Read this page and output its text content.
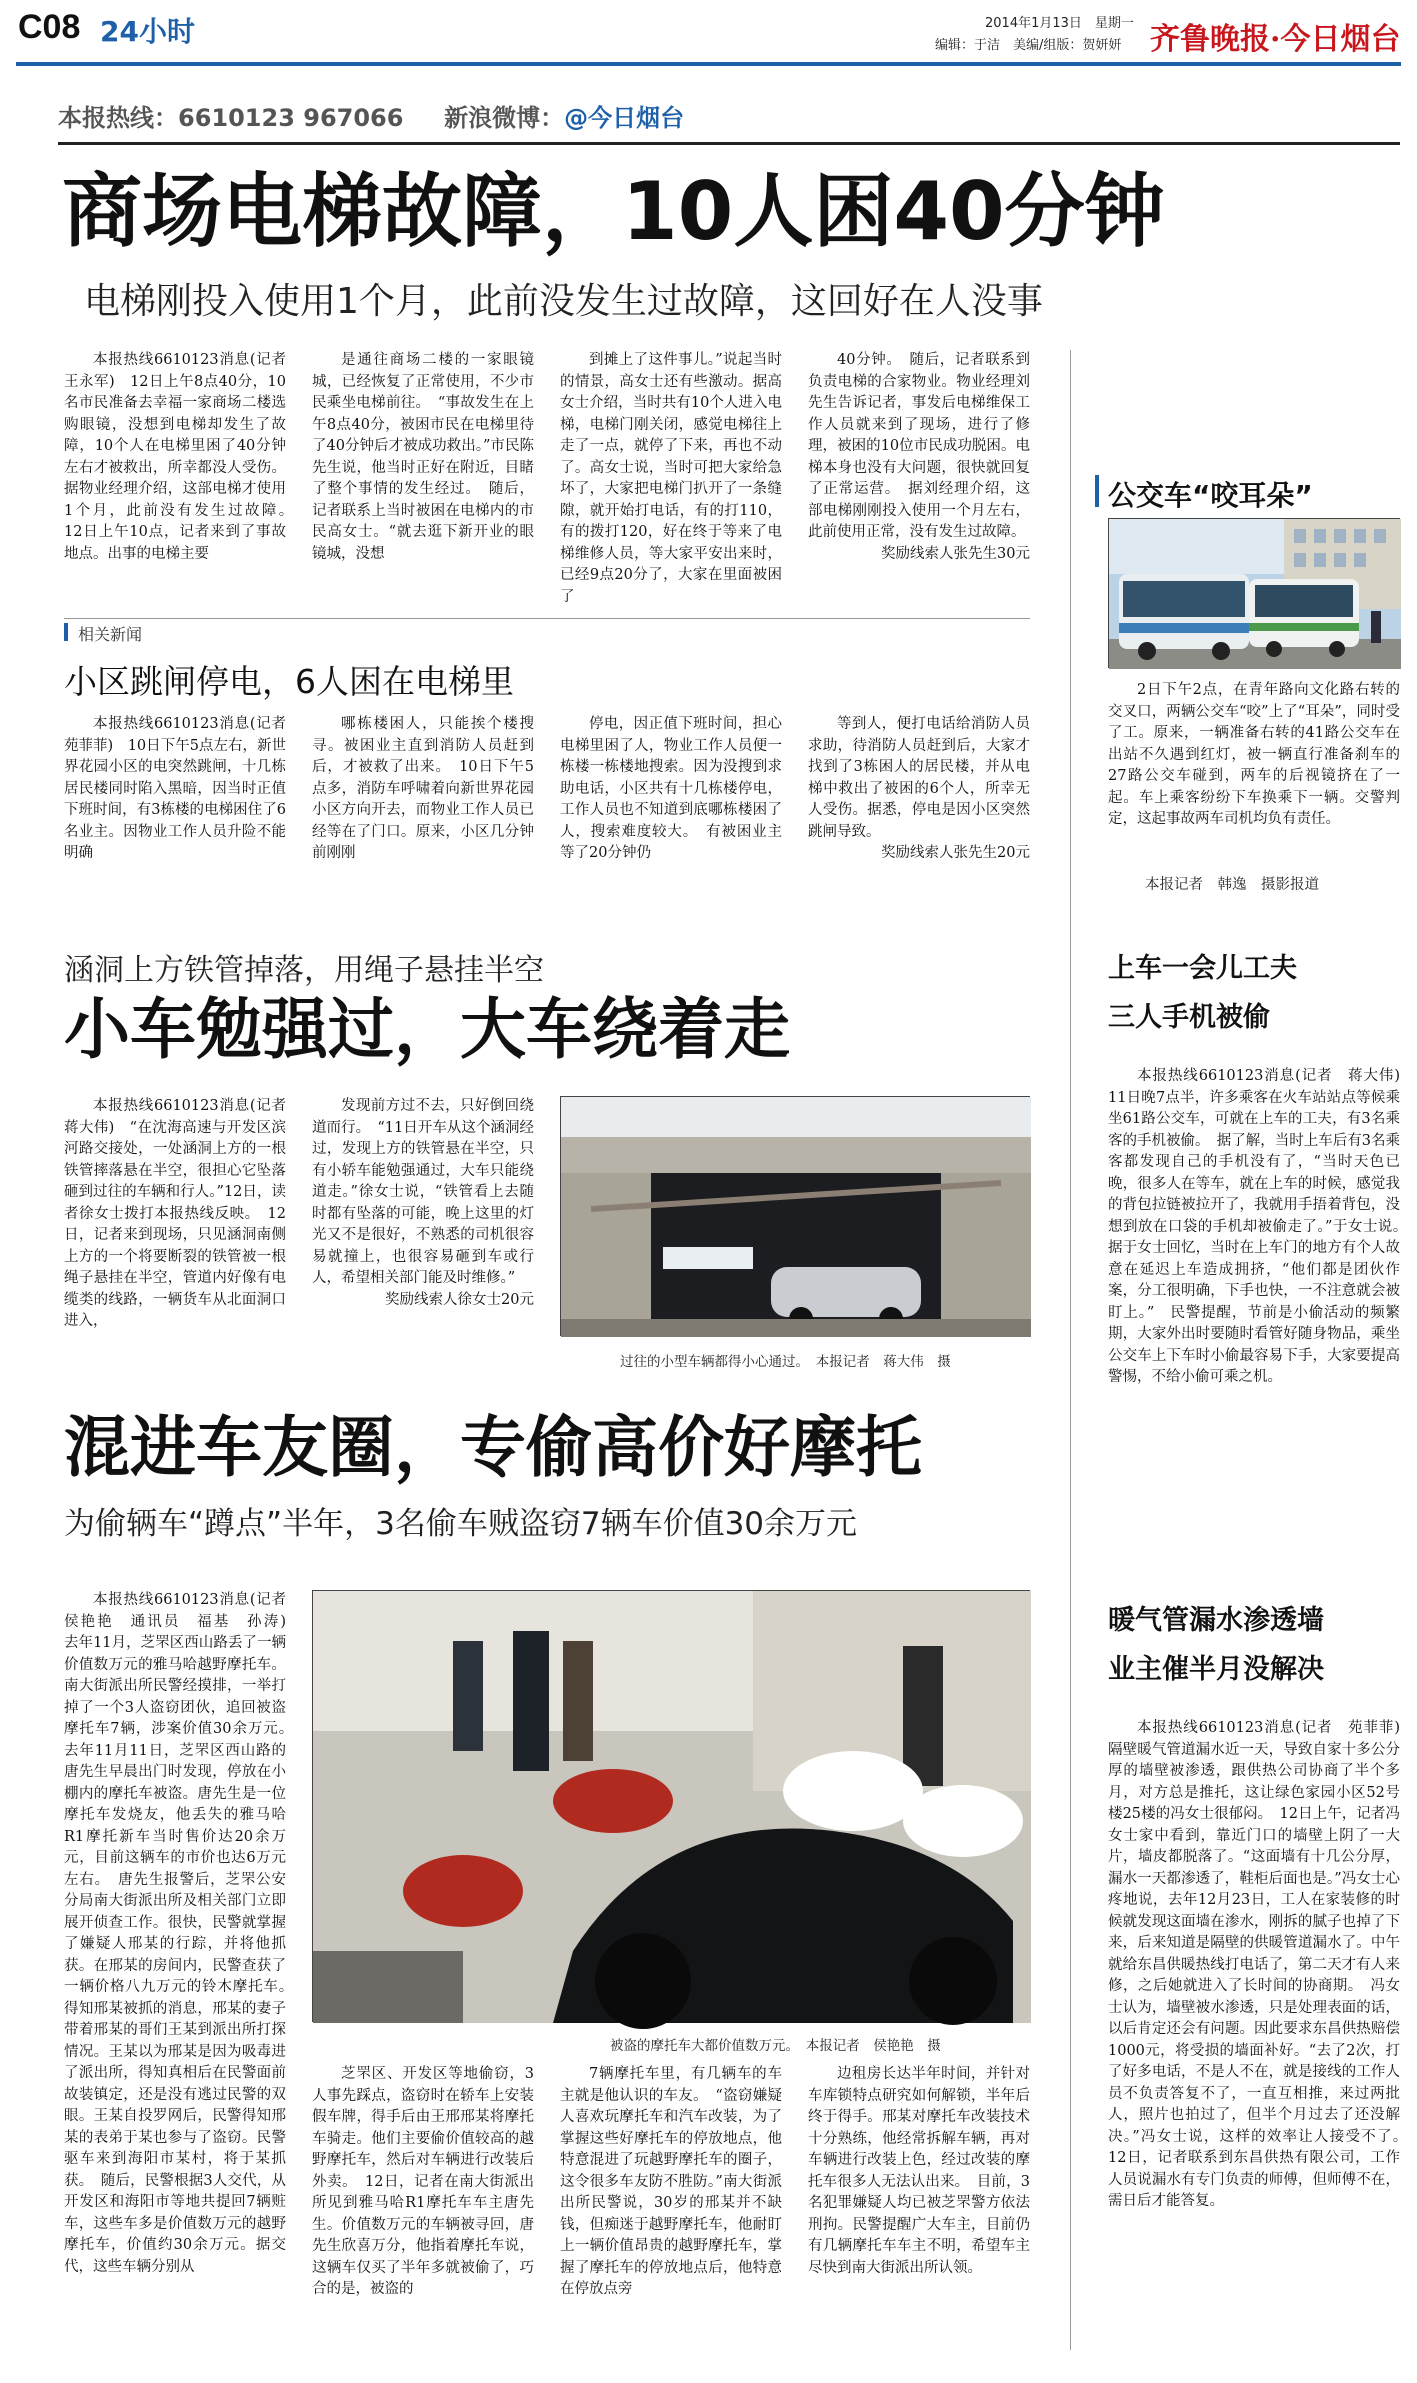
C08 24小时	2014年1月13日　星期一
编辑：于洁　美编/组版：贺妍妍 齐鲁晚报·今日烟台
本报热线：6610123 967066 新浪微博：@今日烟台
商场电梯故障，10人困40分钟
电梯刚投入使用1个月，此前没发生过故障，这回好在人没事

本报热线6610123消息(记者　王永军)　12日上午8点40分，10名市民准备去幸福一家商场二楼选购眼镜，没想到电梯却发生了故障，10个人在电梯里困了40分钟左右才被救出，所幸都没人受伤。据物业经理介绍，这部电梯才使用1个月，此前没有发生过故障。　12日上午10点，记者来到了事故地点。出事的电梯主要

是通往商场二楼的一家眼镜城，已经恢复了正常使用，不少市民乘坐电梯前往。　“事故发生在上午8点40分，被困市民在电梯里待了40分钟后才被成功救出。”市民陈先生说，他当时正好在附近，目睹了整个事情的发生经过。　随后，记者联系上当时被困在电梯内的市民高女士。“就去逛下新开业的眼镜城，没想

到摊上了这件事儿。”说起当时的情景，高女士还有些激动。据高女士介绍，当时共有10个人进入电梯，电梯门刚关闭，感觉电梯往上走了一点，就停了下来，再也不动了。高女士说，当时可把大家给急坏了，大家把电梯门扒开了一条缝隙，就开始打电话，有的打110，有的拨打120，好在终于等来了电梯维修人员，等大家平安出来时，已经9点20分了，大家在里面被困了

40分钟。　随后，记者联系到负责电梯的合家物业。物业经理刘先生告诉记者，事发后电梯维保工作人员就来到了现场，进行了修理，被困的10位市民成功脱困。电梯本身也没有大问题，很快就回复了正常运营。　据刘经理介绍，这部电梯刚刚投入使用一个月左右，此前使用正常，没有发生过故障。

奖励线索人张先生30元

相关新闻
小区跳闸停电，6人困在电梯里

本报热线6610123消息(记者　苑菲菲)　10日下午5点左右，新世界花园小区的电突然跳闸，十几栋居民楼同时陷入黑暗，因当时正值下班时间，有3栋楼的电梯困住了6名业主。因物业工作人员升险不能明确

哪栋楼困人，只能挨个楼搜寻。被困业主直到消防人员赶到后，才被救了出来。　10日下午5点多，消防车呼啸着向新世界花园小区方向开去，而物业工作人员已经等在了门口。原来，小区几分钟前刚刚

停电，因正值下班时间，担心电梯里困了人，物业工作人员便一栋楼一栋楼地搜索。因为没搜到求助电话，小区共有十几栋楼停电，工作人员也不知道到底哪栋楼困了人，搜索难度较大。　有被困业主等了20分钟仍

等到人，便打电话给消防人员求助，待消防人员赶到后，大家才找到了3栋困人的居民楼，并从电梯中救出了被困的6个人，所幸无人受伤。据悉，停电是因小区突然跳闸导致。

奖励线索人张先生20元

公交车“咬耳朵”

2日下午2点，在青年路向文化路右转的交叉口，两辆公交车“咬”上了“耳朵”，同时受了工。原来，一辆准备右转的41路公交车在出站不久遇到红灯，被一辆直行准备刹车的27路公交车碰到，两车的后视镜挤在了一起。车上乘客纷纷下车换乘下一辆。交警判定，这起事故两车司机均负有责任。

本报记者　韩逸　摄影报道
涵洞上方铁管掉落，用绳子悬挂半空
小车勉强过，大车绕着走

本报热线6610123消息(记者　蒋大伟)　“在沈海高速与开发区滨河路交接处，一处涵洞上方的一根铁管摔落悬在半空，很担心它坠落砸到过往的车辆和行人。”12日，读者徐女士拨打本报热线反映。　12日，记者来到现场，只见涵洞南侧上方的一个将要断裂的铁管被一根绳子悬挂在半空，管道内好像有电缆类的线路，一辆货车从北面洞口进入，

发现前方过不去，只好倒回绕道而行。　“11日开车从这个涵洞经过，发现上方的铁管悬在半空，只有小轿车能勉强通过，大车只能绕道走。”徐女士说，“铁管看上去随时都有坠落的可能，晚上这里的灯光又不是很好，不熟悉的司机很容易就撞上，也很容易砸到车或行人，希望相关部门能及时维修。”

奖励线索人徐女士20元

过往的小型车辆都得小心通过。　本报记者　蒋大伟　摄
上车一会儿工夫
三人手机被偷

本报热线6610123消息(记者　蒋大伟)　11日晚7点半，许多乘客在火车站站点等候乘坐61路公交车，可就在上车的工夫，有3名乘客的手机被偷。　据了解，当时上车后有3名乘客都发现自己的手机没有了，“当时天色已晚，很多人在等车，就在上车的时候，感觉我的背包拉链被拉开了，我就用手捂着背包，没想到放在口袋的手机却被偷走了。”于女士说。　据于女士回忆，当时在上车门的地方有个人故意在延迟上车造成拥挤，“他们都是团伙作案，分工很明确，下手也快，一不注意就会被盯上。”　民警提醒，节前是小偷活动的频繁期，大家外出时要随时看管好随身物品，乘坐公交车上下车时小偷最容易下手，大家要提高警惕，不给小偷可乘之机。

混进车友圈，专偷高价好摩托
为偷辆车“蹲点”半年，3名偷车贼盗窃7辆车价值30余万元

本报热线6610123消息(记者　侯艳艳　通讯员　福基　孙涛)　去年11月，芝罘区西山路丢了一辆价值数万元的雅马哈越野摩托车。南大街派出所民警经摸排，一举打掉了一个3人盗窃团伙，追回被盗摩托车7辆，涉案价值30余万元。　去年11月11日，芝罘区西山路的唐先生早晨出门时发现，停放在小棚内的摩托车被盗。唐先生是一位摩托车发烧友，他丢失的雅马哈R1摩托新车当时售价达20余万元，目前这辆车的市价也达6万元左右。　唐先生报警后，芝罘公安分局南大街派出所及相关部门立即展开侦查工作。很快，民警就掌握了嫌疑人邢某的行踪，并将他抓获。在邢某的房间内，民警查获了一辆价格八九万元的铃木摩托车。　得知邢某被抓的消息，邢某的妻子带着邢某的哥们王某到派出所打探情况。王某以为邢某是因为吸毒进了派出所，得知真相后在民警面前故装镇定，还是没有逃过民警的双眼。王某自投罗网后，民警得知邢某的表弟于某也参与了盗窃。民警驱车来到海阳市某村，将于某抓获。　随后，民警根据3人交代，从开发区和海阳市等地共提回7辆赃车，这些车多是价值数万元的越野摩托车，价值约30余万元。据交代，这些车辆分别从

被盗的摩托车大都价值数万元。　本报记者　侯艳艳　摄

芝罘区、开发区等地偷窃，3人事先踩点，盗窃时在轿车上安装假车牌，得手后由王邢邢某将摩托车骑走。他们主要偷价值较高的越野摩托车，然后对车辆进行改装后外卖。　12日，记者在南大街派出所见到雅马哈R1摩托车车主唐先生。价值数万元的车辆被寻回，唐先生欣喜万分，他指着摩托车说，这辆车仅买了半年多就被偷了，巧合的是，被盗的

7辆摩托车里，有几辆车的车主就是他认识的车友。　“盗窃嫌疑人喜欢玩摩托车和汽车改装，为了掌握这些好摩托车的停放地点，他特意混进了玩越野摩托车的圈子，这令很多车友防不胜防。”南大街派出所民警说，30岁的邢某并不缺钱，但痴迷于越野摩托车，他耐盯上一辆价值昂贵的越野摩托车，掌握了摩托车的停放地点后，他特意在停放点旁

边租房长达半年时间，并针对车库锁特点研究如何解锁，半年后终于得手。邢某对摩托车改装技术十分熟练，他经常拆解车辆，再对车辆进行改装上色，经过改装的摩托车很多人无法认出来。　目前，3名犯罪嫌疑人均已被芝罘警方依法刑拘。民警提醒广大车主，目前仍有几辆摩托车车主不明，希望车主尽快到南大街派出所认领。

暖气管漏水渗透墙
业主催半月没解决

本报热线6610123消息(记者　苑菲菲)　隔壁暖气管道漏水近一天，导致自家十多公分厚的墙壁被渗透，跟供热公司协商了半个多月，对方总是推托，这让绿色家园小区52号楼25楼的冯女士很郁闷。　12日上午，记者冯女士家中看到，靠近门口的墙壁上阴了一大片，墙皮都脱落了。“这面墙有十几公分厚，漏水一天都渗透了，鞋柜后面也是。”冯女士心疼地说，去年12月23日，工人在家装修的时候就发现这面墙在渗水，刚拆的腻子也掉了下来，后来知道是隔壁的供暖管道漏水了。中午就给东昌供暖热线打电话了，第二天才有人来修，之后她就进入了长时间的协商期。　冯女士认为，墙壁被水渗透，只是处理表面的话，以后肯定还会有问题。因此要求东昌供热赔偿1000元，将受损的墙面补好。“去了2次，打了好多电话，不是人不在，就是接线的工作人员不负责答复不了，一直互相推，来过两批人，照片也拍过了，但半个月过去了还没解决。”冯女士说，这样的效率让人接受不了。　12日，记者联系到东昌供热有限公司，工作人员说漏水有专门负责的师傅，但师傅不在，需日后才能答复。
